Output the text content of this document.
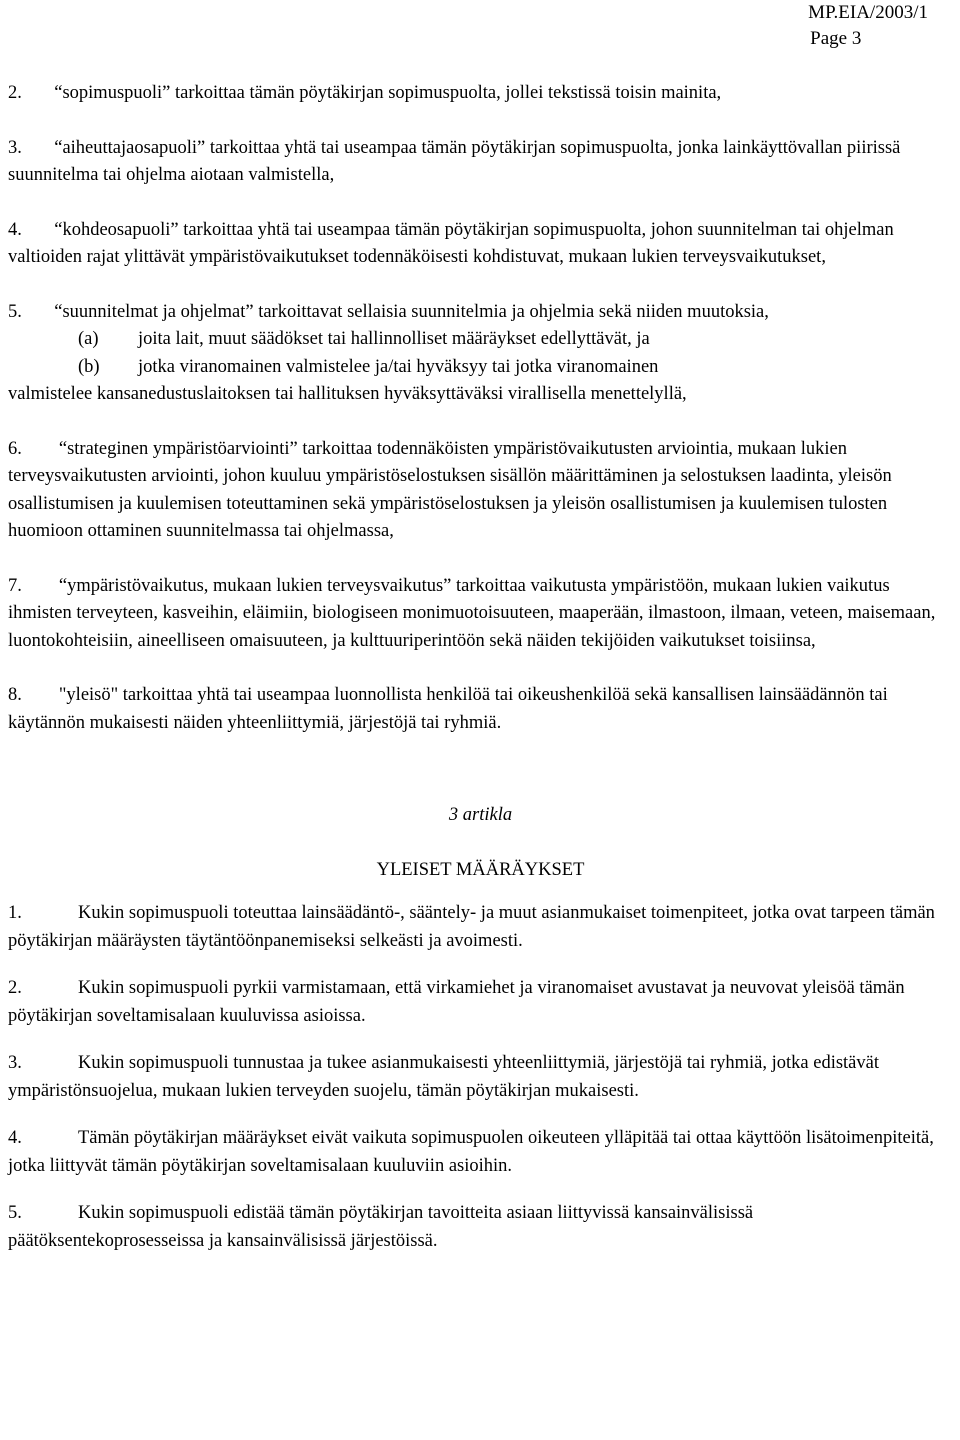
MP.EIA/2003/1
Page 3

2. “sopimuspuoli” tarkoittaa tämän pöytäkirjan sopimuspuolta, jollei tekstissä toisin mainita,

3. “aiheuttajaosapuoli” tarkoittaa yhtä tai useampaa tämän pöytäkirjan sopimuspuolta, jonka lainkäyttövallan piirissä suunnitelma tai ohjelma aiotaan valmistella,

4. “kohdeosapuoli” tarkoittaa yhtä tai useampaa tämän pöytäkirjan sopimuspuolta, johon suunnitelman tai ohjelman valtioiden rajat ylittävät ympäristövaikutukset todennäköisesti kohdistuvat, mukaan lukien terveysvaikutukset,

5. “suunnitelmat ja ohjelmat” tarkoittavat sellaisia suunnitelmia ja ohjelmia sekä niiden muutoksia,
(a) joita lait, muut säädökset tai hallinnolliset määräykset edellyttävät, ja
(b) jotka viranomainen valmistelee ja/tai hyväksyy tai jotka viranomainen
valmistelee kansanedustuslaitoksen tai hallituksen hyväksyttäväksi virallisella menettelyllä,

6. “strateginen ympäristöarviointi” tarkoittaa todennäköisten ympäristövaikutusten arviointia, mukaan lukien terveysvaikutusten arviointi, johon kuuluu ympäristöselostuksen sisällön määrittäminen ja selostuksen laadinta, yleisön osallistumisen ja kuulemisen toteuttaminen sekä ympäristöselostuksen ja yleisön osallistumisen ja kuulemisen tulosten huomioon ottaminen suunnitelmassa tai ohjelmassa,

7. “ympäristövaikutus, mukaan lukien terveysvaikutus” tarkoittaa vaikutusta ympäristöön, mukaan lukien vaikutus ihmisten terveyteen, kasveihin, eläimiin, biologiseen monimuotoisuuteen, maaperään, ilmastoon, ilmaan, veteen, maisemaan, luontokohteisiin, aineelliseen omaisuuteen, ja kulttuuriperintöön sekä näiden tekijöiden vaikutukset toisiinsa,

8. "yleisö" tarkoittaa yhtä tai useampaa luonnollista henkilöä tai oikeushenkilöä sekä kansallisen lainsäädännön tai käytännön mukaisesti näiden yhteenliittymiä, järjestöjä tai ryhmiä.

3 artikla

YLEISET MÄÄRÄYKSET

1.	Kukin sopimuspuoli toteuttaa lainsäädäntö-, sääntely- ja muut asianmukaiset toimenpiteet, jotka ovat tarpeen tämän pöytäkirjan määräysten täytäntöönpanemiseksi selkeästi ja avoimesti.

2.	Kukin sopimuspuoli pyrkii varmistamaan, että virkamiehet ja viranomaiset avustavat ja neuvovat yleisöä tämän pöytäkirjan soveltamisalaan kuuluvissa asioissa.

3.	Kukin sopimuspuoli tunnustaa ja tukee asianmukaisesti yhteenliittymiä, järjestöjä tai ryhmiä, jotka edistävät ympäristönsuojelua, mukaan lukien terveyden suojelu, tämän pöytäkirjan mukaisesti.

4.	Tämän pöytäkirjan määräykset eivät vaikuta sopimuspuolen oikeuteen ylläpitää tai ottaa käyttöön lisätoimenpiteitä, jotka liittyvät tämän pöytäkirjan soveltamisalaan kuuluviin asioihin.

5.	Kukin sopimuspuoli edistää tämän pöytäkirjan tavoitteita asiaan liittyvissä kansainvälisissä päätöksentekoprosesseissa ja kansainvälisissä järjestöissä.
